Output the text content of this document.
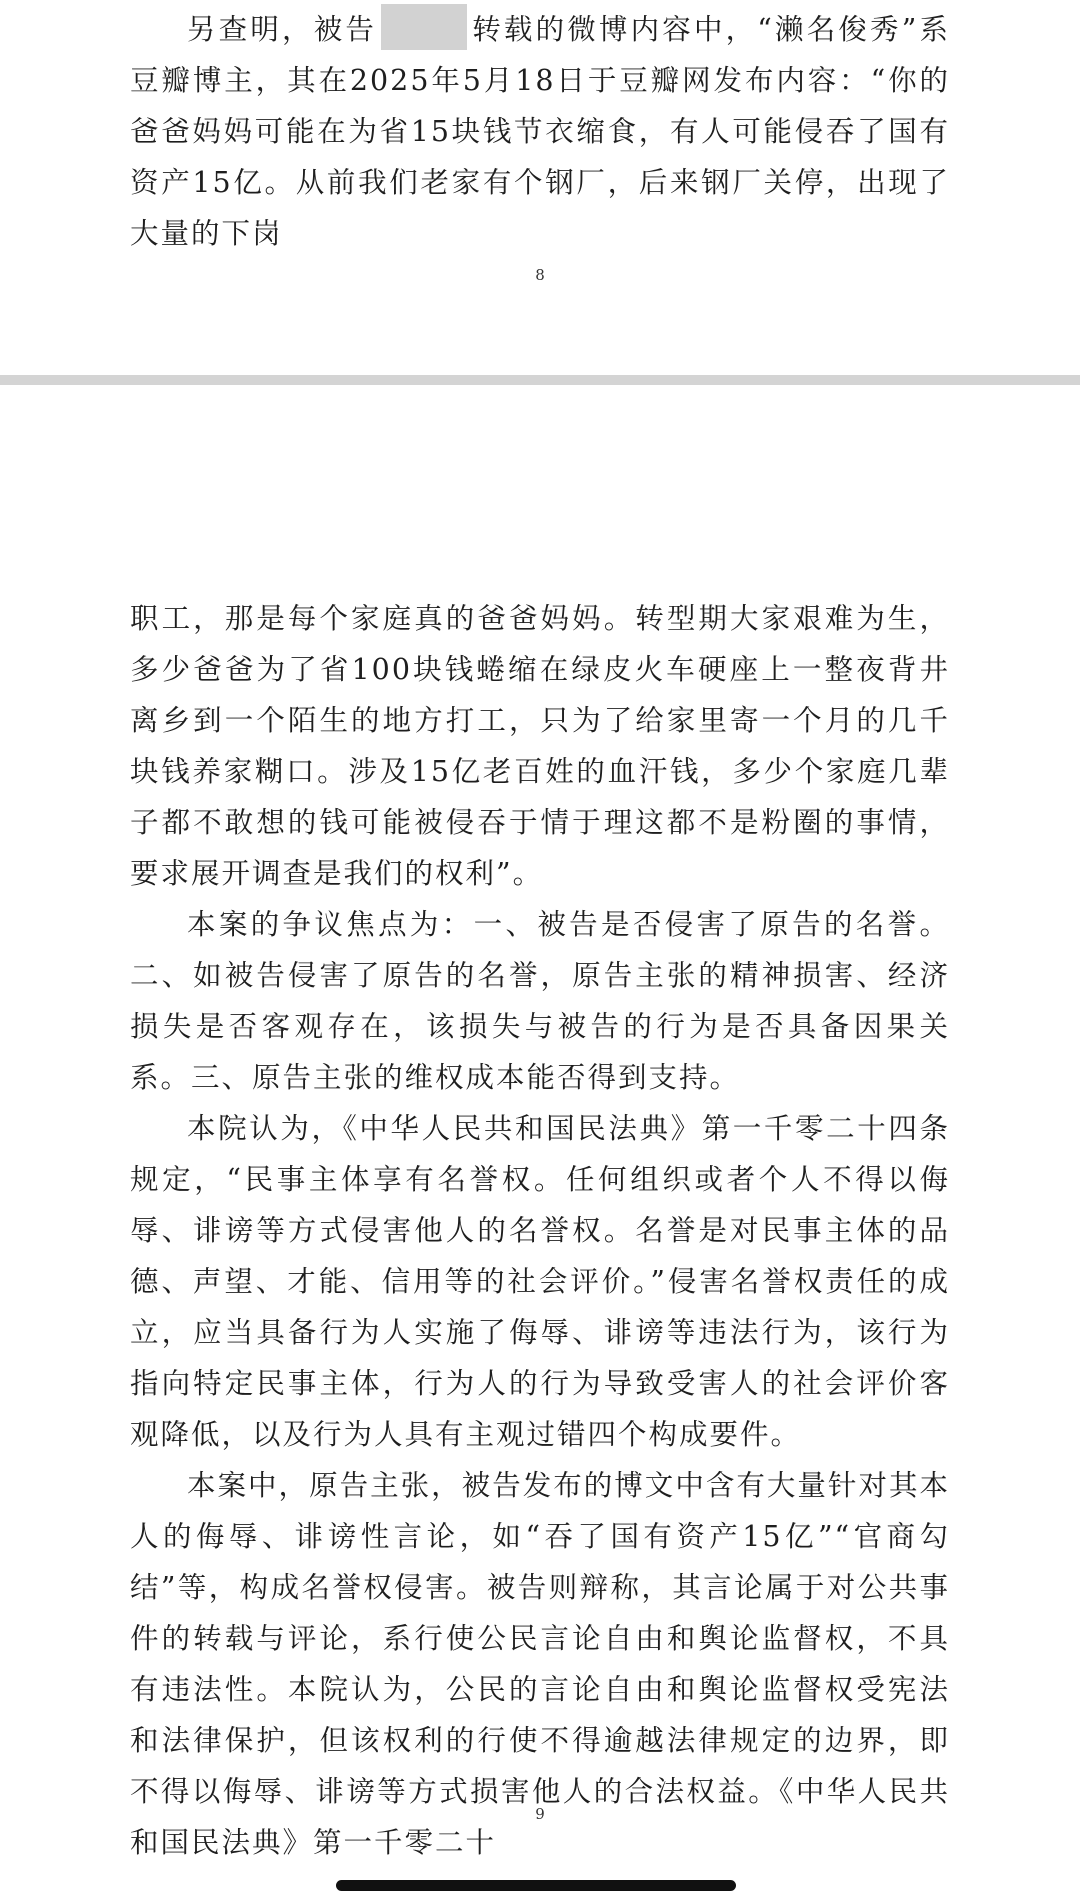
另查明，被告	转载的微博内容中，“濑名俊秀”系豆瓣博主，其在2025年5月18日于豆瓣网发布内容：“你的爸爸妈妈可能在为省15块钱节衣缩食，有人可能侵吞了国有资产15亿。从前我们老家有个钢厂，后来钢厂关停，出现了大量的下岗

8

职工，那是每个家庭真的爸爸妈妈。转型期大家艰难为生，多少爸爸为了省100块钱蜷缩在绿皮火车硬座上一整夜背井离乡到一个陌生的地方打工，只为了给家里寄一个月的几千块钱养家糊口。涉及15亿老百姓的血汗钱，多少个家庭几辈子都不敢想的钱可能被侵吞于情于理这都不是粉圈的事情，要求展开调查是我们的权利”。

本案的争议焦点为：一、被告是否侵害了原告的名誉。二、如被告侵害了原告的名誉，原告主张的精神损害、经济损失是否客观存在，该损失与被告的行为是否具备因果关系。三、原告主张的维权成本能否得到支持。

本院认为，《中华人民共和国民法典》第一千零二十四条 规定，“民事主体享有名誉权。任何组织或者个人不得以侮辱、诽谤等方式侵害他人的名誉权。名誉是对民事主体的品德、声望、才能、信用等的社会评价。”侵害名誉权责任的成立，应当具备行为人实施了侮辱、诽谤等违法行为，该行为指向特定民事主体，行为人的行为导致受害人的社会评价客观降低，以及行为人具有主观过错四个构成要件。

本案中，原告主张，被告发布的博文中含有大量针对其本人的侮辱、诽谤性言论，如“吞了国有资产15亿”“官商勾结”等，构成名誉权侵害。被告则辩称，其言论属于对公共事件的转载与评论，系行使公民言论自由和舆论监督权，不具有违法性。本院认为，公民的言论自由和舆论监督权受宪法和法律保护，但该权利的行使不得逾越法律规定的边界，即不得以侮辱、诽谤等方式损害他人的合法权益。《中华人民共和国民法典》第一千零二十

9
